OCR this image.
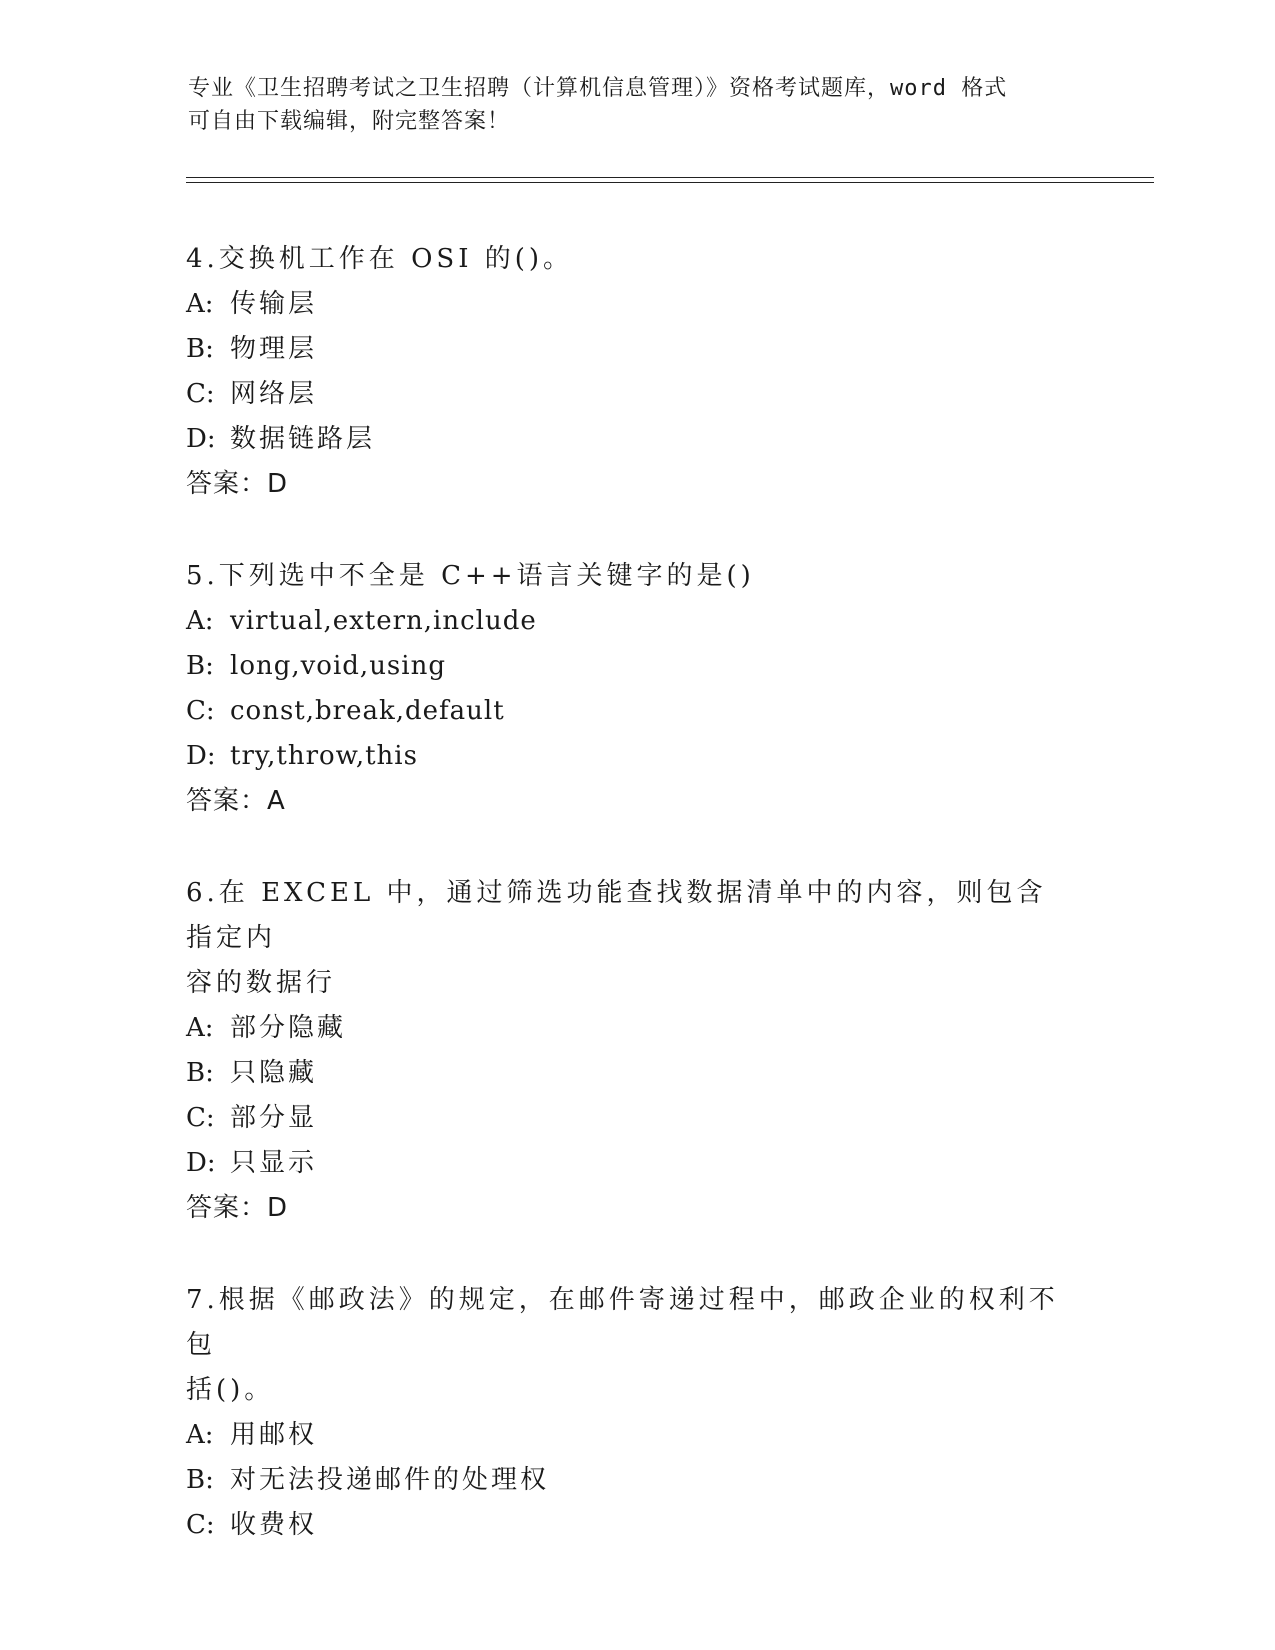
专业《卫生招聘考试之卫生招聘（计算机信息管理）》资格考试题库，word 格式
可自由下载编辑，附完整答案！
4.交换机工作在 OSI 的()。
A : 传输层
B : 物理层
C : 网络层
D : 数据链路层
答案：D
5.下列选中不全是 C++语言关键字的是()
A : virtual,extern,include
B : long,void,using
C : const,break,default
D : try,throw,this
答案：A
6.在 EXCEL 中，通过筛选功能查找数据清单中的内容，则包含指定内
容的数据行
A : 部分隐藏
B : 只隐藏
C : 部分显
D : 只显示
答案：D
7.根据《邮政法》的规定，在邮件寄递过程中，邮政企业的权利不包
括()。
A : 用邮权
B : 对无法投递邮件的处理权
C : 收费权
